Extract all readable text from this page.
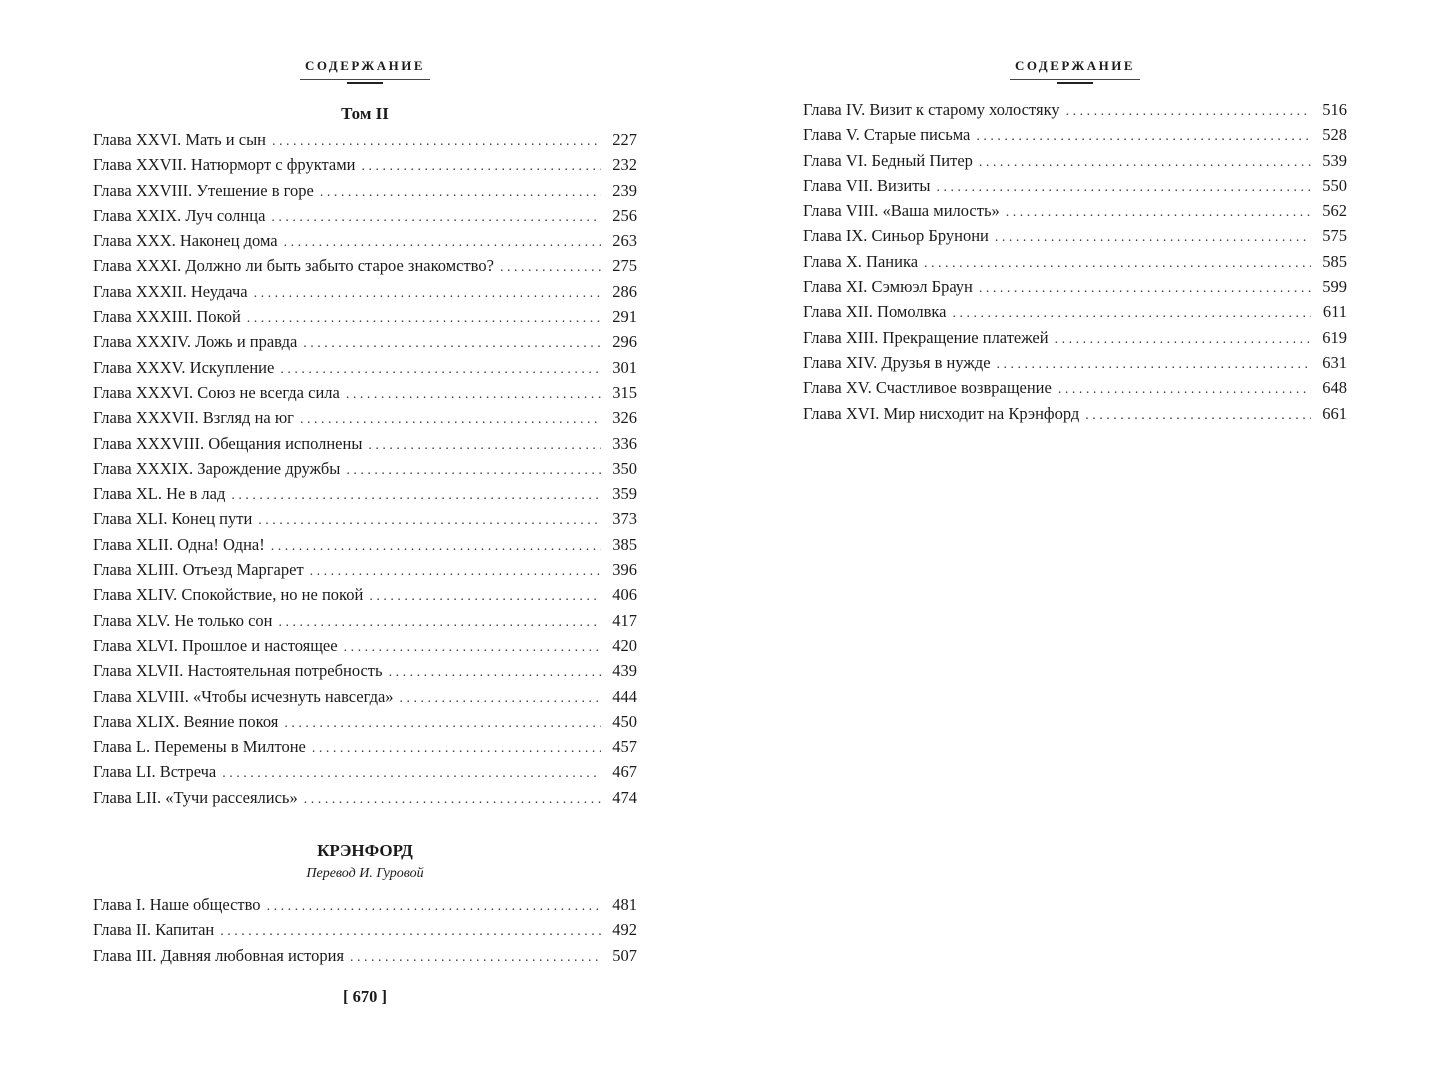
СОДЕРЖАНИЕ
Том II
Глава XXVI. Мать и сын . . .	227
Глава XXVII. Натюрморт с фруктами . . .	232
Глава XXVIII. Утешение в горе . . .	239
Глава XXIX. Луч солнца . . .	256
Глава XXX. Наконец дома . . .	263
Глава XXXI. Должно ли быть забыто старое знакомство? . . .	275
Глава XXXII. Неудача . . .	286
Глава XXXIII. Покой . . .	291
Глава XXXIV. Ложь и правда . . .	296
Глава XXXV. Искупление . . .	301
Глава XXXVI. Союз не всегда сила . . .	315
Глава XXXVII. Взгляд на юг . . .	326
Глава XXXVIII. Обещания исполнены . . .	336
Глава XXXIX. Зарождение дружбы . . .	350
Глава XL. Не в лад . . .	359
Глава XLI. Конец пути . . .	373
Глава XLII. Одна! Одна! . . .	385
Глава XLIII. Отъезд Маргарет . . .	396
Глава XLIV. Спокойствие, но не покой . . .	406
Глава XLV. Не только сон . . .	417
Глава XLVI. Прошлое и настоящее . . .	420
Глава XLVII. Настоятельная потребность . . .	439
Глава XLVIII. «Чтобы исчезнуть навсегда» . . .	444
Глава XLIX. Веяние покоя . . .	450
Глава L. Перемены в Милтоне . . .	457
Глава LI. Встреча . . .	467
Глава LII. «Тучи рассеялись» . . .	474
КРЭНФОРД
Перевод И. Гуровой
Глава I. Наше общество . . .	481
Глава II. Капитан . . .	492
Глава III. Давняя любовная история . . .	507
[ 670 ]
СОДЕРЖАНИЕ
Глава IV. Визит к старому холостяку . . .	516
Глава V. Старые письма . . .	528
Глава VI. Бедный Питер . . .	539
Глава VII. Визиты . . .	550
Глава VIII. «Ваша милость» . . .	562
Глава IX. Синьор Брунони . . .	575
Глава X. Паника . . .	585
Глава XI. Сэмюэл Браун . . .	599
Глава XII. Помолвка . . .	611
Глава XIII. Прекращение платежей . . .	619
Глава XIV. Друзья в нужде . . .	631
Глава XV. Счастливое возвращение . . .	648
Глава XVI. Мир нисходит на Крэнфорд . . .	661
